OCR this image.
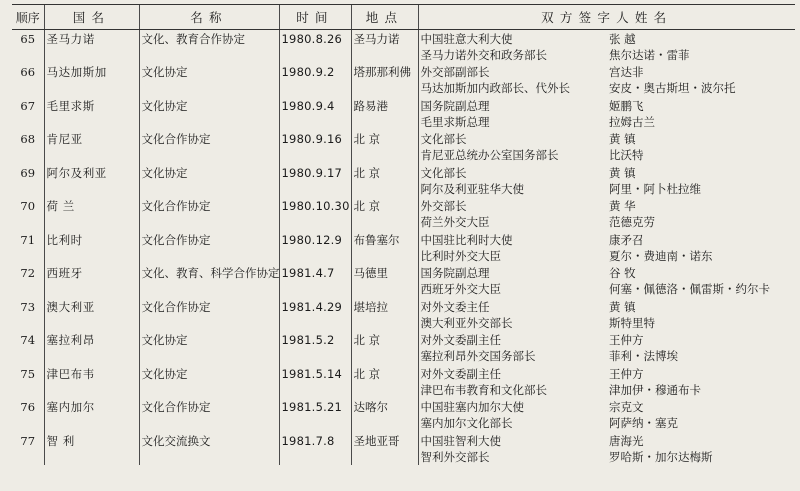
顺序	国名	名称	时间	地点	双方签字人姓名
65	圣马力诺	文化、教育合作协定	1980.8.26	圣马力诺	中国驻意大利大使 张 越
圣马力诺外交和政务部长 焦尔达诺・雷菲

66	马达加斯加	文化协定	1980.9.2	塔那那利佛	外交部副部长 宫达非
马达加斯加内政部长、代外长 安皮・奥古斯坦・波尔托

67	毛里求斯	文化协定	1980.9.4	路易港	国务院副总理 姬鹏飞
毛里求斯总理 拉姆古兰

68	肯尼亚	文化合作协定	1980.9.16	北 京	文化部长 黄 镇
肯尼亚总统办公室国务部长 比沃特

69	阿尔及利亚	文化协定	1980.9.17	北 京	文化部长 黄 镇
阿尔及利亚驻华大使 阿里・阿卜杜拉维

70	荷 兰	文化合作协定	1980.10.30	北 京	外交部长 黄 华
荷兰外交大臣 范德克劳

71	比利时	文化合作协定	1980.12.9	布鲁塞尔	中国驻比利时大使 康矛召
比利时外交大臣 夏尔・费迪南・诺东

72	西班牙	文化、教育、科学合作协定	1981.4.7	马德里	国务院副总理 谷 牧
西班牙外交大臣 何塞・佩德洛・佩雷斯・约尔卡

73	澳大利亚	文化合作协定	1981.4.29	堪培拉	对外文委主任 黄 镇
澳大利亚外交部长 斯特里特

74	塞拉利昂	文化协定	1981.5.2	北 京	对外文委副主任 王仲方
塞拉利昂外交国务部长 菲利・法博埃

75	津巴布韦	文化协定	1981.5.14	北 京	对外文委副主任 王仲方
津巴布韦教育和文化部长 津加伊・穆通布卡

76	塞内加尔	文化合作协定	1981.5.21	达喀尔	中国驻塞内加尔大使 宗克文
塞内加尔文化部长 阿萨纳・塞克

77	智 利	文化交流换文	1981.7.8	圣地亚哥	中国驻智利大使 唐海光
智利外交部长 罗哈斯・加尔达梅斯
